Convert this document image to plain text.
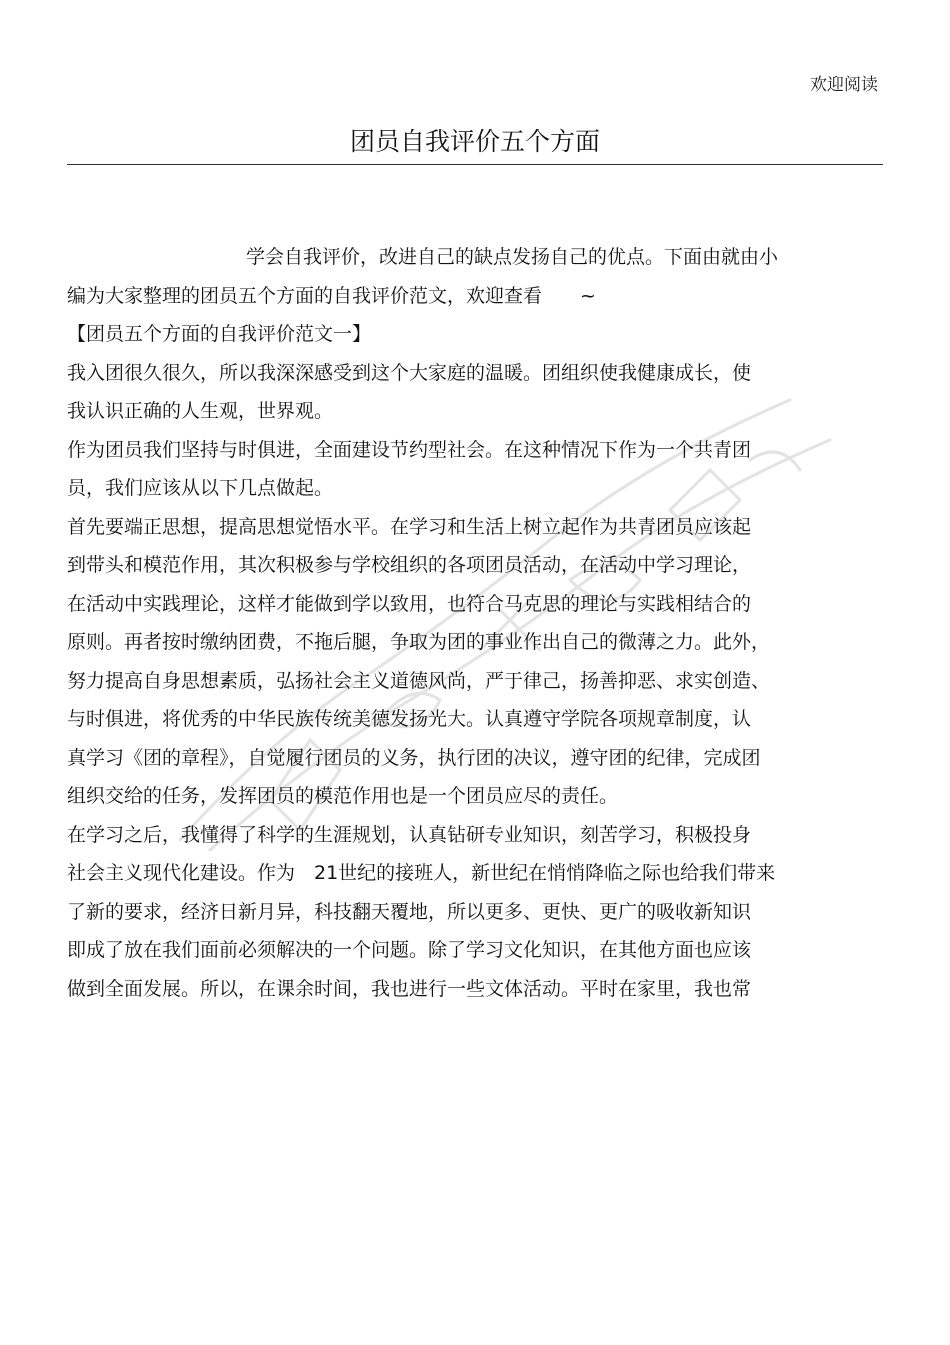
欢迎阅读
团员自我评价五个方面
学会自我评价，改进自己的缺点发扬自己的优点。下面由就由小
编为大家整理的团员五个方面的自我评价范文，欢迎查看　　~
【团员五个方面的自我评价范文一】
我入团很久很久，所以我深深感受到这个大家庭的温暖。团组织使我健康成长，使
我认识正确的人生观，世界观。
作为团员我们坚持与时俱进，全面建设节约型社会。在这种情况下作为一个共青团
员，我们应该从以下几点做起。
首先要端正思想，提高思想觉悟水平。在学习和生活上树立起作为共青团员应该起
到带头和模范作用，其次积极参与学校组织的各项团员活动，在活动中学习理论，
在活动中实践理论，这样才能做到学以致用，也符合马克思的理论与实践相结合的
原则。再者按时缴纳团费，不拖后腿，争取为团的事业作出自己的微薄之力。此外，
努力提高自身思想素质，弘扬社会主义道德风尚，严于律己，扬善抑恶、求实创造、
与时俱进，将优秀的中华民族传统美德发扬光大。认真遵守学院各项规章制度，认
真学习《团的章程》，自觉履行团员的义务，执行团的决议，遵守团的纪律，完成团
组织交给的任务，发挥团员的模范作用也是一个团员应尽的责任。
在学习之后，我懂得了科学的生涯规划，认真钻研专业知识，刻苦学习，积极投身
社会主义现代化建设。作为　21世纪的接班人，新世纪在悄悄降临之际也给我们带来
了新的要求，经济日新月异，科技翻天覆地，所以更多、更快、更广的吸收新知识
即成了放在我们面前必须解决的一个问题。除了学习文化知识，在其他方面也应该
做到全面发展。所以，在课余时间，我也进行一些文体活动。平时在家里，我也常
